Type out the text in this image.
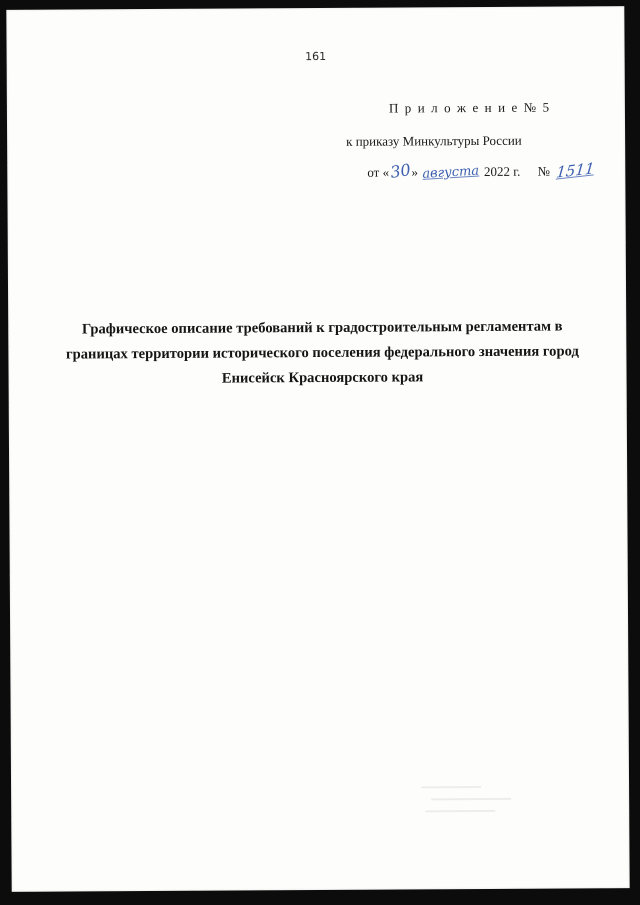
161
П р и л о ж е н и е № 5
к приказу Минкультуры России
от «30» августа 2022 г. № 1511
Графическое описание требований к градостроительным регламентам в
границах территории исторического поселения федерального значения город
Енисейск Красноярского края
